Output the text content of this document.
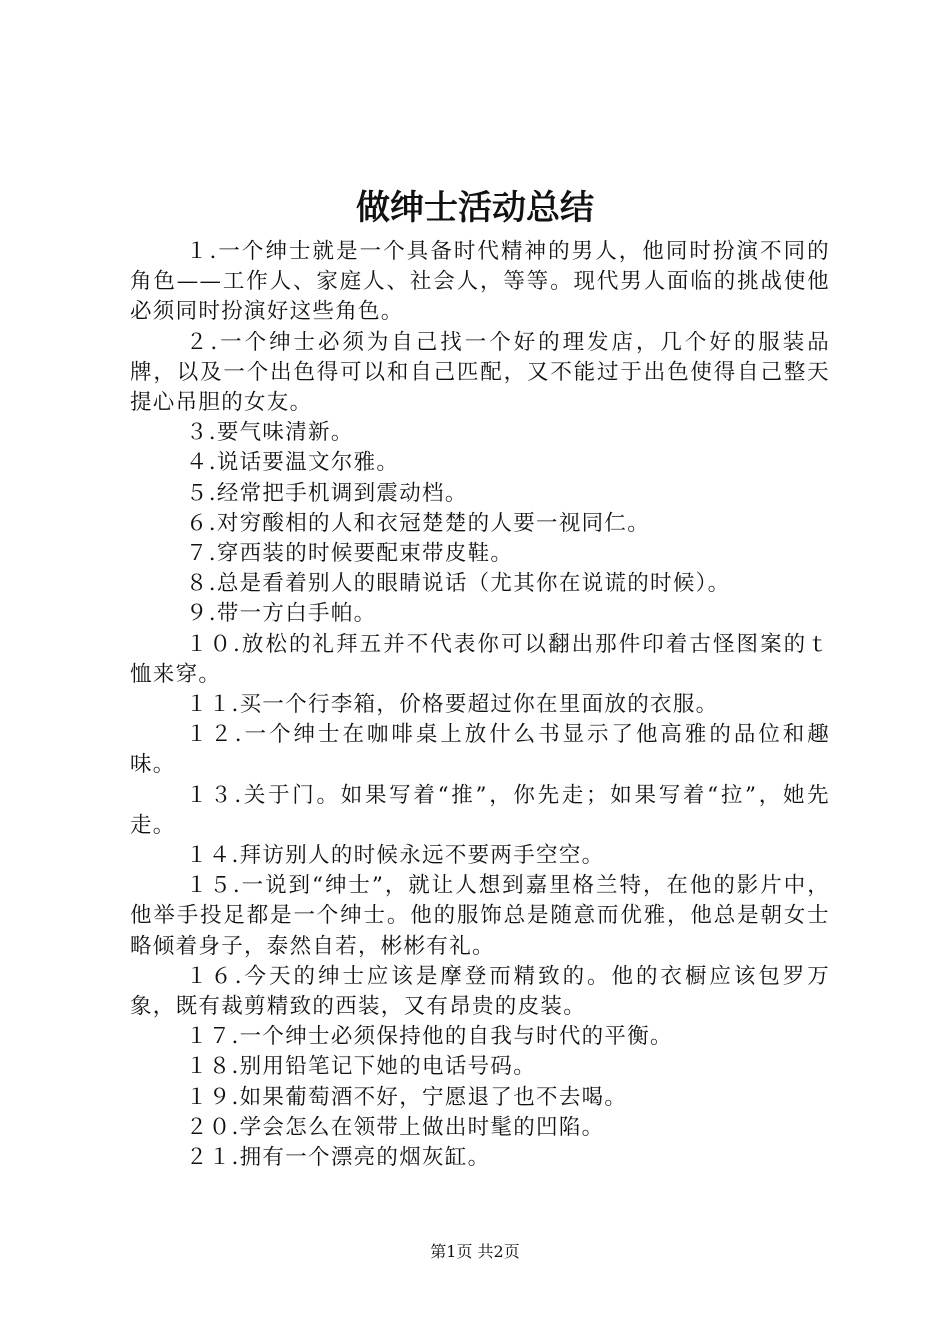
做绅士活动总结

１.一个绅士就是一个具备时代精神的男人，他同时扮演不同的角色——工作人、家庭人、社会人，等等。现代男人面临的挑战使他必须同时扮演好这些角色。

２.一个绅士必须为自己找一个好的理发店，几个好的服装品牌，以及一个出色得可以和自己匹配，又不能过于出色使得自己整天提心吊胆的女友。

３.要气味清新。

４.说话要温文尔雅。

５.经常把手机调到震动档。

６.对穷酸相的人和衣冠楚楚的人要一视同仁。

７.穿西装的时候要配束带皮鞋。

８.总是看着别人的眼睛说话（尤其你在说谎的时候）。

９.带一方白手帕。

１０.放松的礼拜五并不代表你可以翻出那件印着古怪图案的ｔ恤来穿。

１１.买一个行李箱，价格要超过你在里面放的衣服。

１２.一个绅士在咖啡桌上放什么书显示了他高雅的品位和趣味。

１３.关于门。如果写着“推”，你先走；如果写着“拉”，她先走。

１４.拜访别人的时候永远不要两手空空。

１５.一说到“绅士”，就让人想到嘉里格兰特，在他的影片中，他举手投足都是一个绅士。他的服饰总是随意而优雅，他总是朝女士略倾着身子，泰然自若，彬彬有礼。

１６.今天的绅士应该是摩登而精致的。他的衣橱应该包罗万象，既有裁剪精致的西装，又有昂贵的皮装。

１７.一个绅士必须保持他的自我与时代的平衡。

１８.别用铅笔记下她的电话号码。

１９.如果葡萄酒不好，宁愿退了也不去喝。

２０.学会怎么在领带上做出时髦的凹陷。

２１.拥有一个漂亮的烟灰缸。

第1页 共2页
